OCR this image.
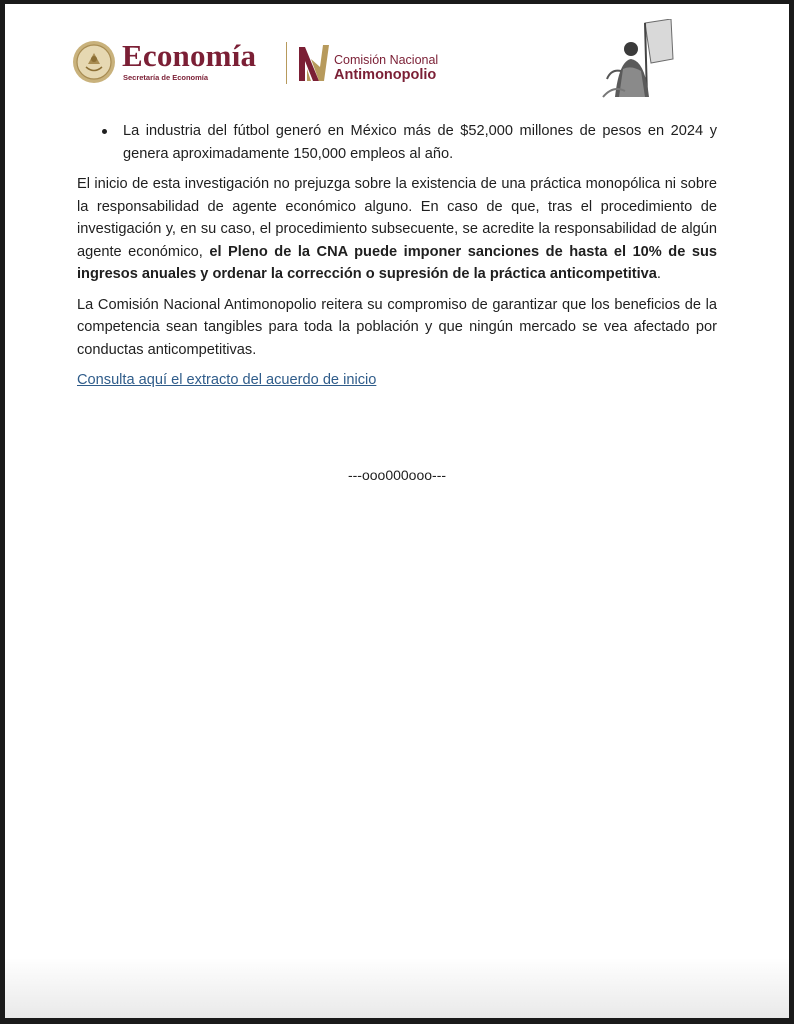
Economía
Secretaría de Economía
Comisión Nacional
Antimonopolio
La industria del fútbol generó en México más de $52,000 millones de pesos en 2024 y genera aproximadamente 150,000 empleos al año.

El inicio de esta investigación no prejuzga sobre la existencia de una práctica monopólica ni sobre la responsabilidad de agente económico alguno. En caso de que, tras el procedimiento de investigación y, en su caso, el procedimiento subsecuente, se acredite la responsabilidad de algún agente económico, el Pleno de la CNA puede imponer sanciones de hasta el 10% de sus ingresos anuales y ordenar la corrección o supresión de la práctica anticompetitiva.

La Comisión Nacional Antimonopolio reitera su compromiso de garantizar que los beneficios de la competencia sean tangibles para toda la población y que ningún mercado se vea afectado por conductas anticompetitivas.

Consulta aquí el extracto del acuerdo de inicio

---ooo000ooo---
